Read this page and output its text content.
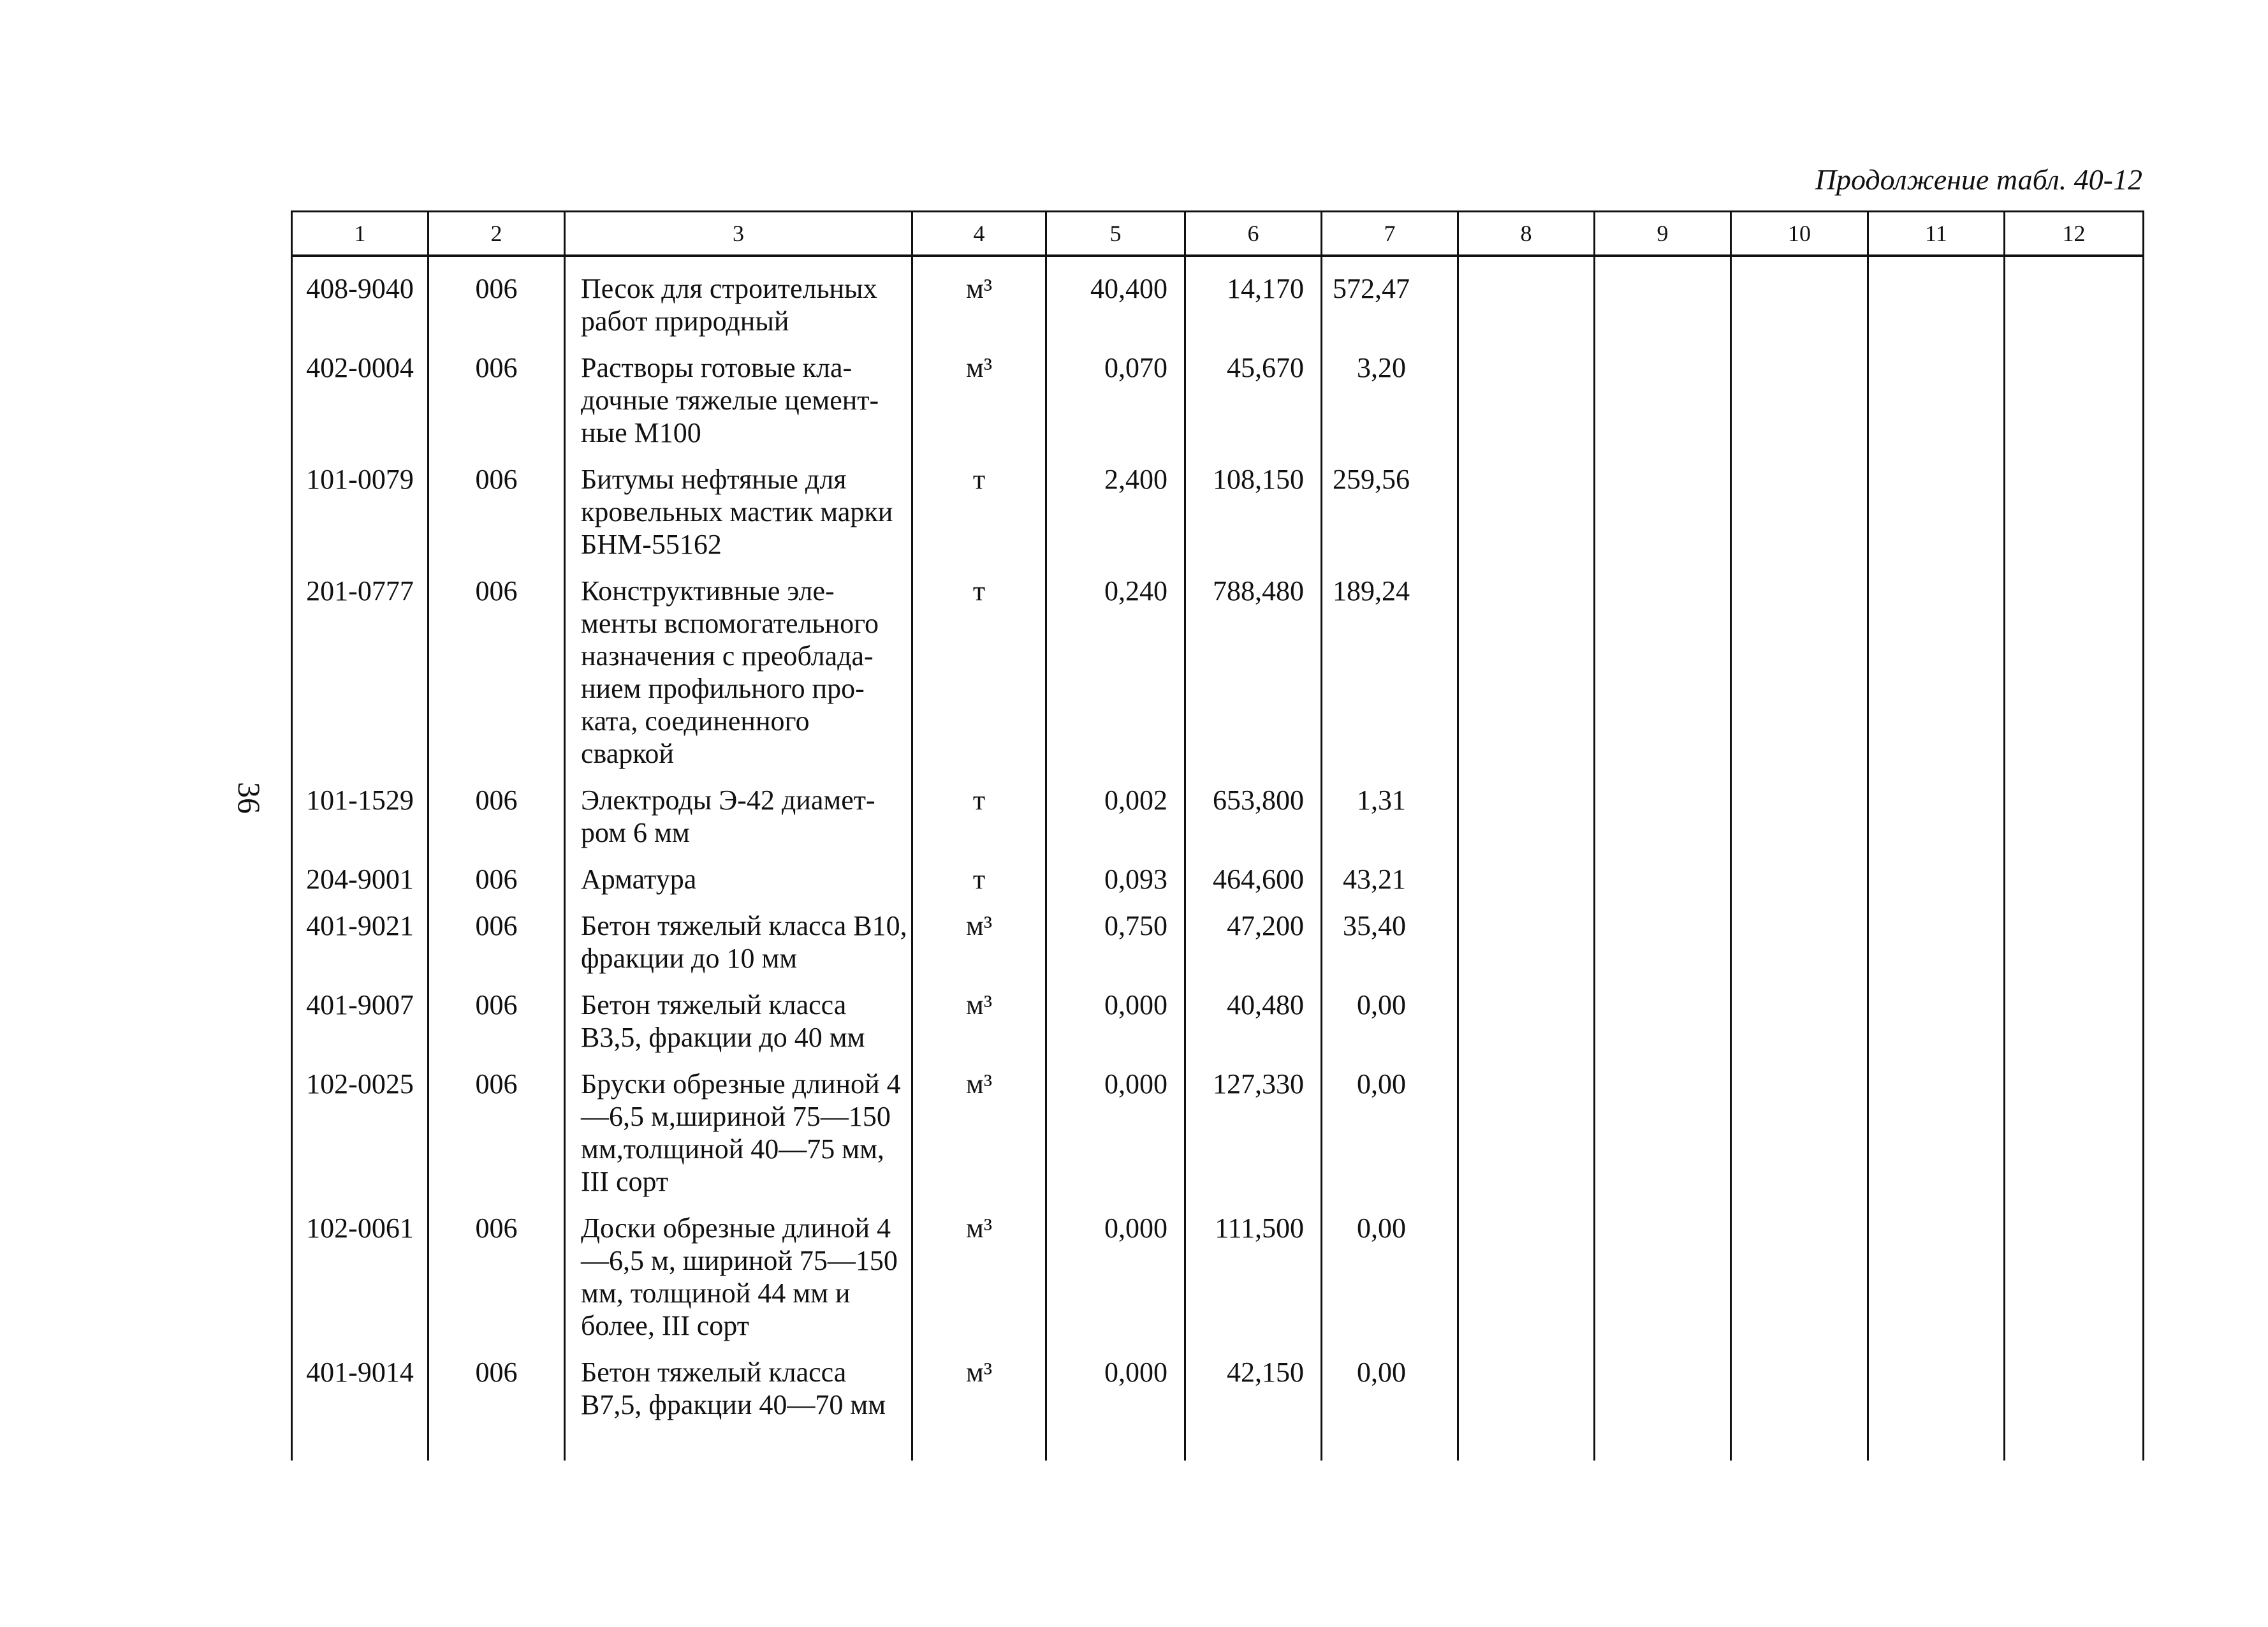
Продолжение табл. 40-12
36
1	2	3	4	5	6	7	8	9	10	11	12
408-9040	006	Песок для строительных работ природный	м³	40,400	14,170	572,47					
402-0004	006	Растворы готовые кла-дочные тяжелые цемент-ные М100	м³	0,070	45,670	3,20					
101-0079	006	Битумы нефтяные для кровельных мастик марки БНМ-55162	т	2,400	108,150	259,56					
201-0777	006	Конструктивные эле-менты вспомогательного назначения с преоблада-нием профильного про-ката, соединенного сваркой	т	0,240	788,480	189,24					
101-1529	006	Электроды Э-42 диамет-ром 6 мм	т	0,002	653,800	1,31					
204-9001	006	Арматура	т	0,093	464,600	43,21					
401-9021	006	Бетон тяжелый класса В10, фракции до 10 мм	м³	0,750	47,200	35,40					
401-9007	006	Бетон тяжелый класса В3,5, фракции до 40 мм	м³	0,000	40,480	0,00					
102-0025	006	Бруски обрезные длиной 4—6,5 м,шириной 75—150 мм,толщиной 40—75 мм, III сорт	м³	0,000	127,330	0,00					
102-0061	006	Доски обрезные длиной 4—6,5 м, шириной 75—150 мм, толщиной 44 мм и более, III сорт	м³	0,000	111,500	0,00					
401-9014	006	Бетон тяжелый класса В7,5, фракции 40—70 мм	м³	0,000	42,150	0,00					
